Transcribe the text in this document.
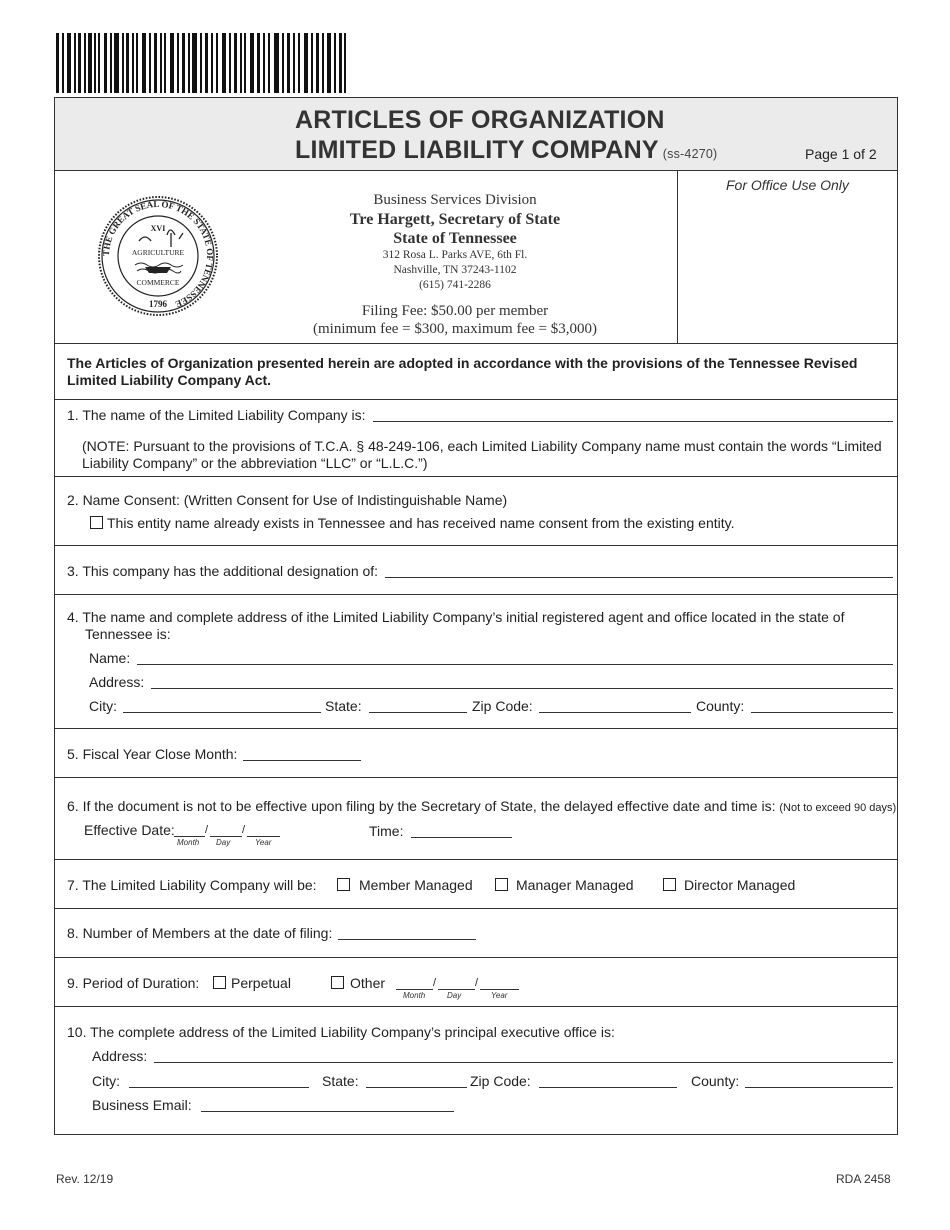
ARTICLES OF ORGANIZATION
LIMITED LIABILITY COMPANY (ss-4270)	Page 1 of 2
THE GREAT SEAL OF THE STATE OF TENNESSEE
XVI
AGRICULTURE
COMMERCE
1796
Business Services Division
Tre Hargett, Secretary of State
State of Tennessee
312 Rosa L. Parks AVE, 6th Fl.
Nashville, TN 37243-1102
(615) 741-2286
Filing Fee: $50.00 per member
(minimum fee = $300, maximum fee = $3,000)
For Office Use Only
The Articles of Organization presented herein are adopted in accordance with the provisions of the Tennessee Revised
Limited Liability Company Act.
1. The name of the Limited Liability Company is:
(NOTE: Pursuant to the provisions of T.C.A. § 48-249-106, each Limited Liability Company name must contain the words “Limited
Liability Company” or the abbreviation “LLC” or “L.L.C.”)
2. Name Consent: (Written Consent for Use of Indistinguishable Name)
This entity name already exists in Tennessee and has received name consent from the existing entity.
3. This company has the additional designation of:
4. The name and complete address of ithe Limited Liability Company’s initial registered agent and office located in the state of
Tennessee is:
Name:
Address:
City:	State:	Zip Code:	County:
5. Fiscal Year Close Month:
6. If the document is not to be effective upon filing by the Secretary of State, the delayed effective date and time is: (Not to exceed 90 days)
Effective Date:	/	/
Month Day	Year
Time:
7. The Limited Liability Company will be:	Member Managed	Manager Managed	Director Managed
8. Number of Members at the date of filing:
9. Period of Duration: Perpetual	Other	/	/
Month	Day	Year
10. The complete address of the Limited Liability Company’s principal executive office is:
Address:
City:	State:	Zip Code:	County:
Business Email:
Rev. 12/19	RDA 2458
